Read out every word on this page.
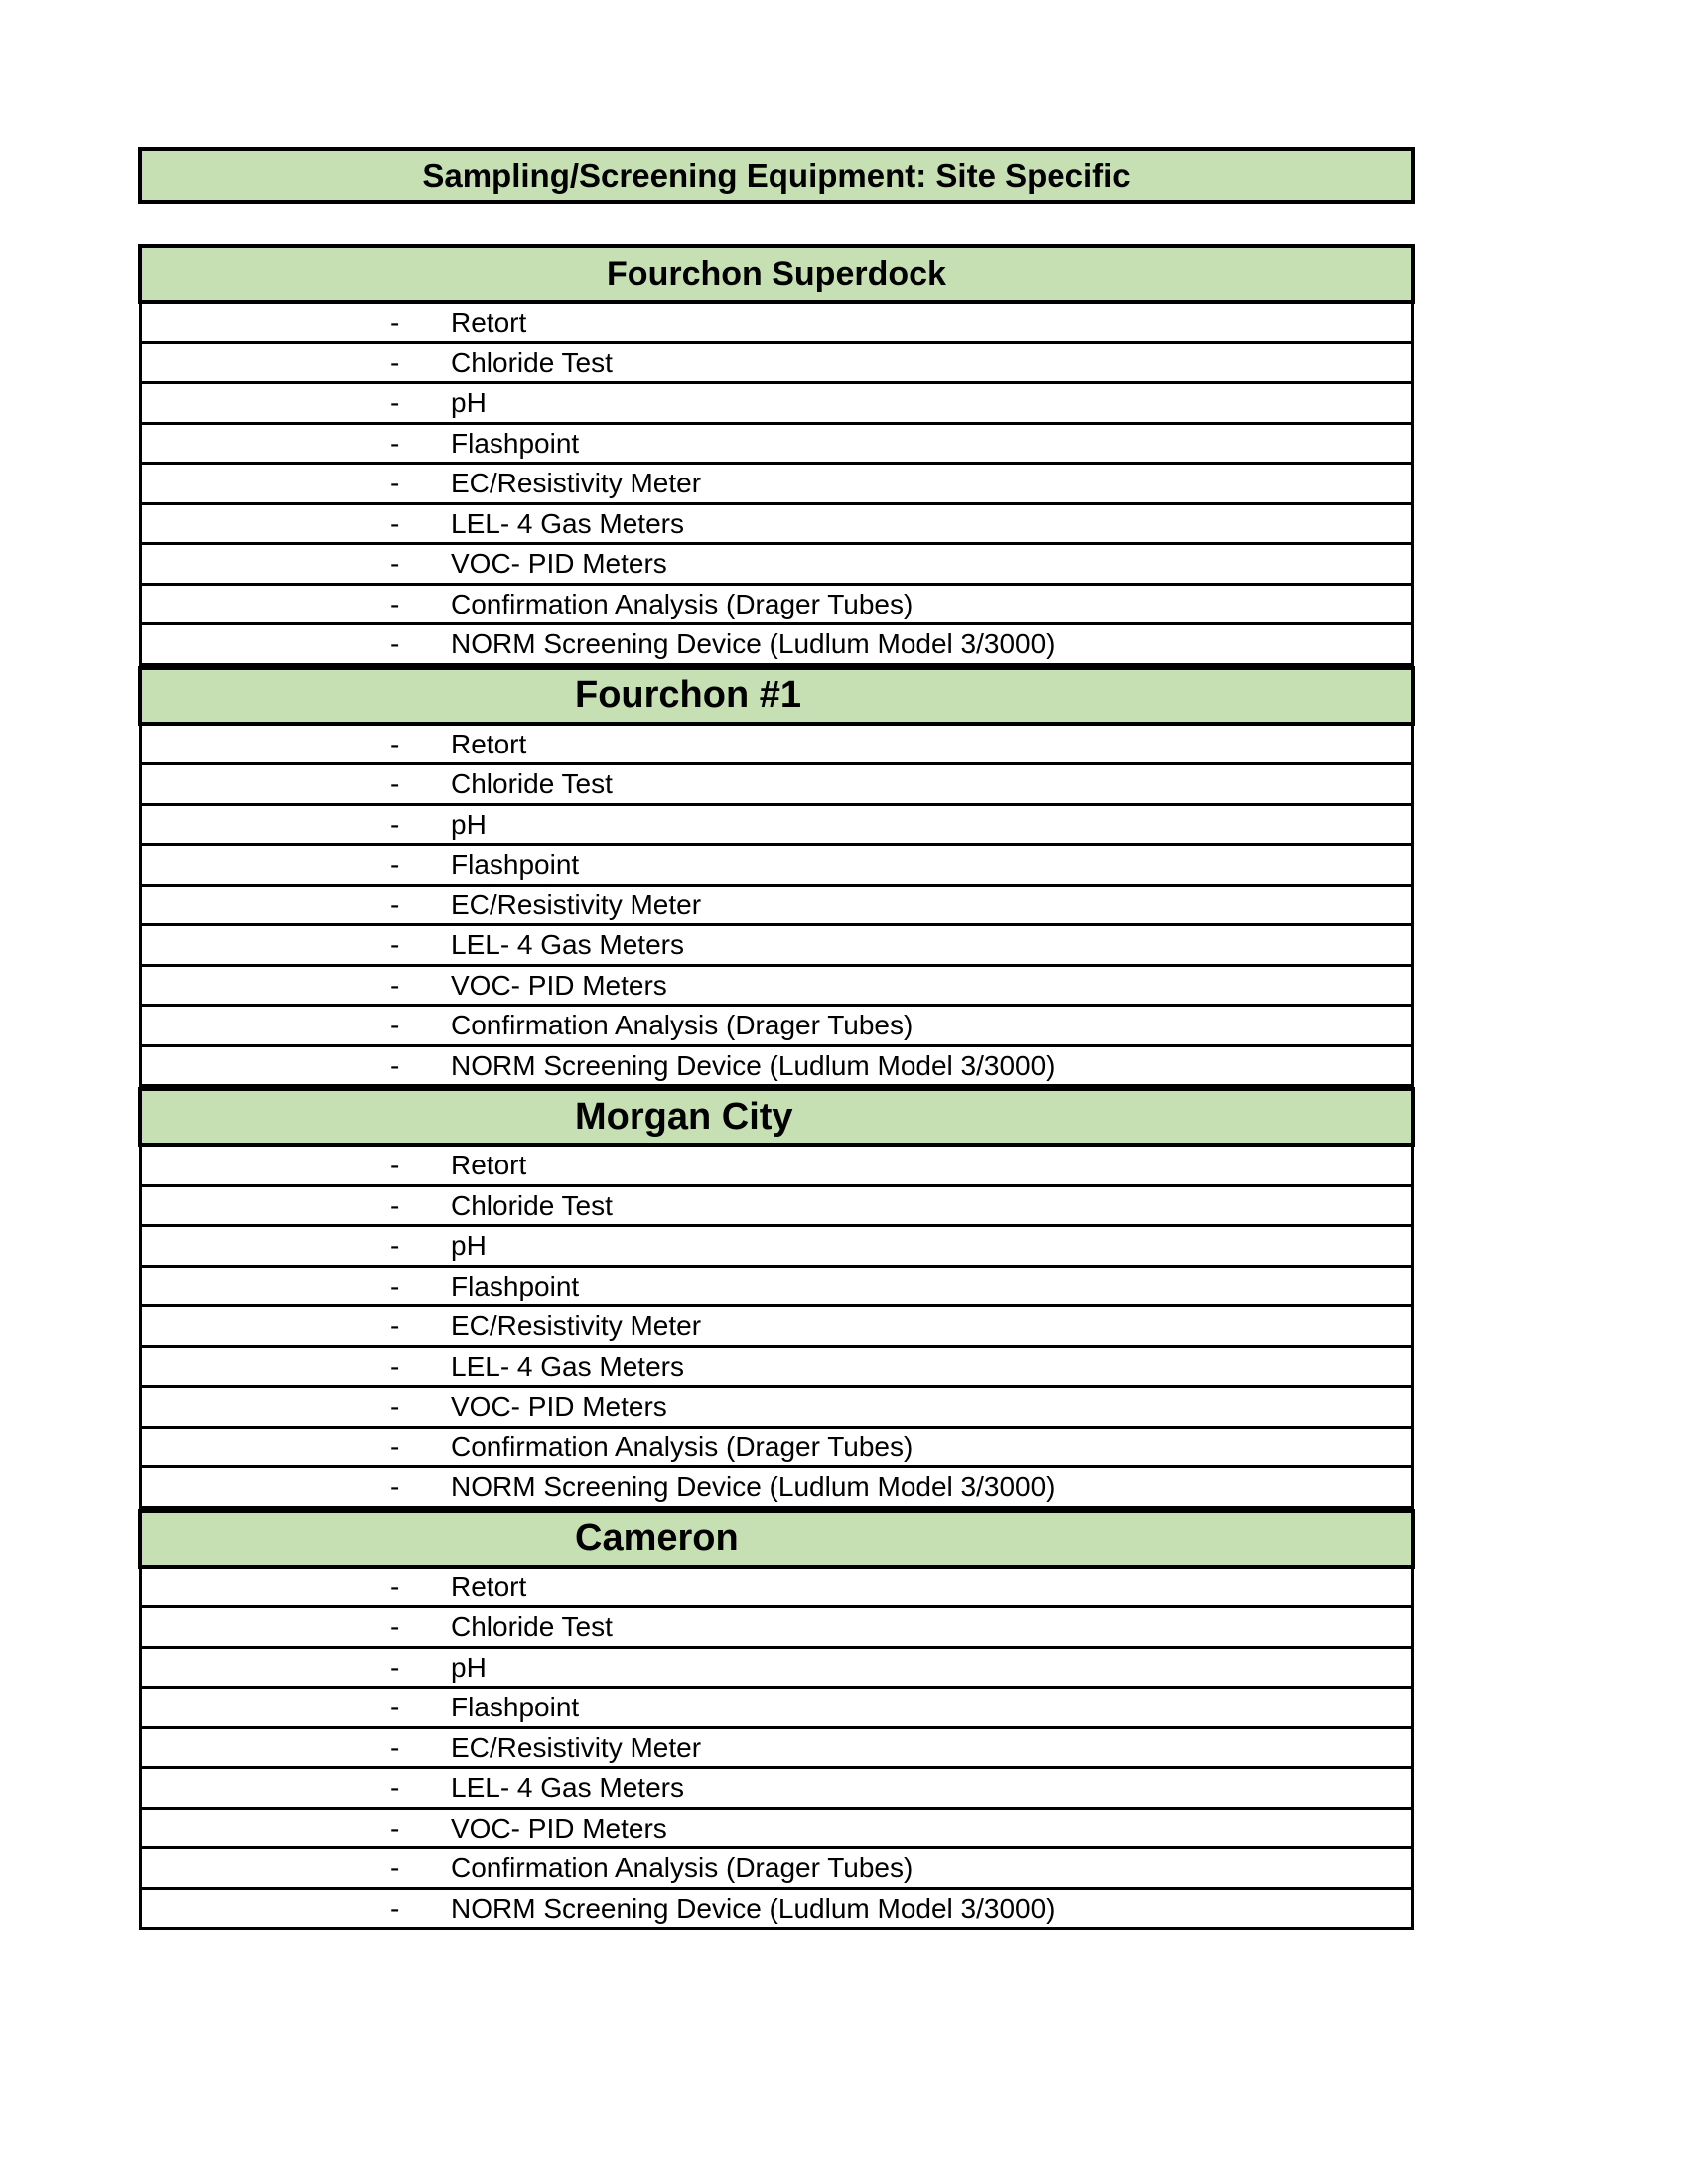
Sampling/Screening Equipment: Site Specific
Fourchon Superdock
- Retort
- Chloride Test
- pH
- Flashpoint
- EC/Resistivity Meter
- LEL- 4 Gas Meters
- VOC- PID Meters
- Confirmation Analysis (Drager Tubes)
- NORM Screening Device (Ludlum Model 3/3000)
Fourchon #1
- Retort
- Chloride Test
- pH
- Flashpoint
- EC/Resistivity Meter
- LEL- 4 Gas Meters
- VOC- PID Meters
- Confirmation Analysis (Drager Tubes)
- NORM Screening Device (Ludlum Model 3/3000)
Morgan City
- Retort
- Chloride Test
- pH
- Flashpoint
- EC/Resistivity Meter
- LEL- 4 Gas Meters
- VOC- PID Meters
- Confirmation Analysis (Drager Tubes)
- NORM Screening Device (Ludlum Model 3/3000)
Cameron
- Retort
- Chloride Test
- pH
- Flashpoint
- EC/Resistivity Meter
- LEL- 4 Gas Meters
- VOC- PID Meters
- Confirmation Analysis (Drager Tubes)
- NORM Screening Device (Ludlum Model 3/3000)
